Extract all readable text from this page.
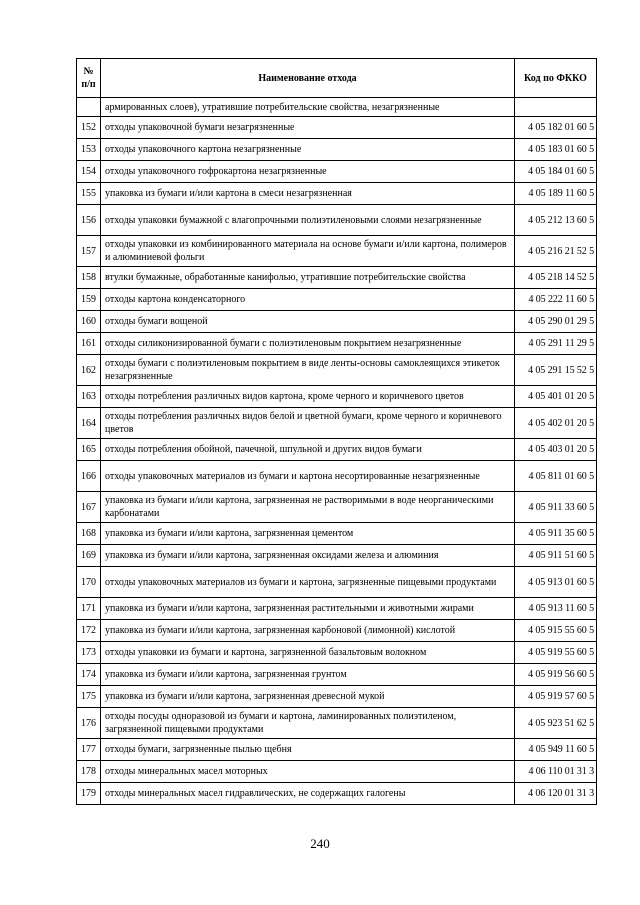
№ п/п	Наименование отхода	Код по ФККО
	армированных слоев), утратившие потребительские свойства, незагрязненные	
152	отходы упаковочной бумаги незагрязненные	4 05 182 01 60 5
153	отходы упаковочного картона незагрязненные	4 05 183 01 60 5
154	отходы упаковочного гофрокартона незагрязненные	4 05 184 01 60 5
155	упаковка из бумаги и/или картона в смеси незагрязненная	4 05 189 11 60 5
156	отходы упаковки бумажной с влагопрочными полиэтиленовыми слоями незагрязненные	4 05 212 13 60 5
157	отходы упаковки из комбинированного материала на основе бумаги и/или картона, полимеров и алюминиевой фольги	4 05 216 21 52 5
158	втулки бумажные, обработанные канифолью, утратившие потребительские свойства	4 05 218 14 52 5
159	отходы картона конденсаторного	4 05 222 11 60 5
160	отходы бумаги вощеной	4 05 290 01 29 5
161	отходы силиконизированной бумаги с полиэтиленовым покрытием незагрязненные	4 05 291 11 29 5
162	отходы бумаги с полиэтиленовым покрытием в виде ленты-основы самоклеящихся этикеток незагрязненные	4 05 291 15 52 5
163	отходы потребления различных видов картона, кроме черного и коричневого цветов	4 05 401 01 20 5
164	отходы потребления различных видов белой и цветной бумаги, кроме черного и коричневого цветов	4 05 402 01 20 5
165	отходы потребления обойной, пачечной, шпульной и других видов бумаги	4 05 403 01 20 5
166	отходы упаковочных материалов из бумаги и картона несортированные незагрязненные	4 05 811 01 60 5
167	упаковка из бумаги и/или картона, загрязненная не растворимыми в воде неорганическими карбонатами	4 05 911 33 60 5
168	упаковка из бумаги и/или картона, загрязненная цементом	4 05 911 35 60 5
169	упаковка из бумаги и/или картона, загрязненная оксидами железа и алюминия	4 05 911 51 60 5
170	отходы упаковочных материалов из бумаги и картона, загрязненные пищевыми продуктами	4 05 913 01 60 5
171	упаковка из бумаги и/или картона, загрязненная растительными и животными жирами	4 05 913 11 60 5
172	упаковка из бумаги и/или картона, загрязненная карбоновой (лимонной) кислотой	4 05 915 55 60 5
173	отходы упаковки из бумаги и картона, загрязненной базальтовым волокном	4 05 919 55 60 5
174	упаковка из бумаги и/или картона, загрязненная грунтом	4 05 919 56 60 5
175	упаковка из бумаги и/или картона, загрязненная древесной мукой	4 05 919 57 60 5
176	отходы посуды одноразовой из бумаги и картона, ламинированных полиэтиленом, загрязненной пищевыми продуктами	4 05 923 51 62 5
177	отходы бумаги, загрязненные пылью щебня	4 05 949 11 60 5
178	отходы минеральных масел моторных	4 06 110 01 31 3
179	отходы минеральных масел гидравлических, не содержащих галогены	4 06 120 01 31 3
240
